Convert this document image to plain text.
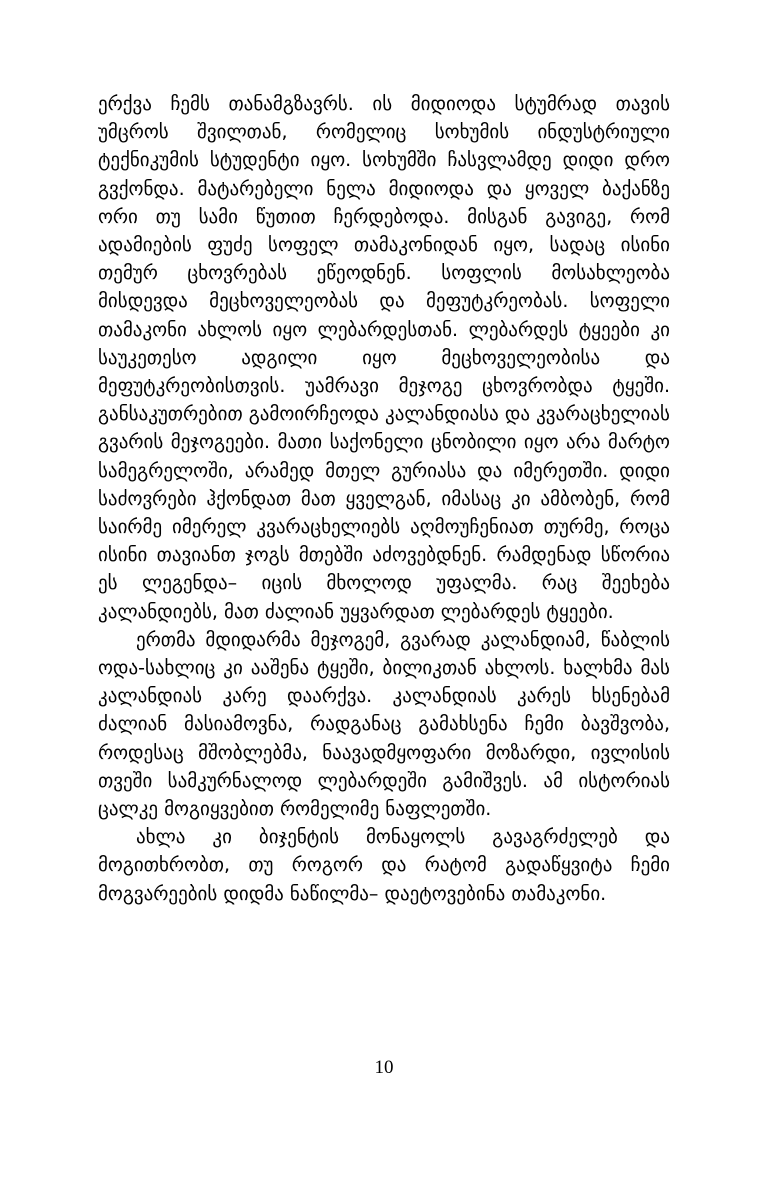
ერქვა ჩემს თანამგზავრს. ის მიდიოდა სტუმრად თავის უმცროს შვილთან, რომელიც სოხუმის ინდუსტრიული ტექნიკუმის სტუდენტი იყო. სოხუმში ჩასვლამდე დიდი დრო გვქონდა. მატარებელი ნელა მიდიოდა და ყოველ ბაქანზე ორი თუ სამი წუთით ჩერდებოდა. მისგან გავიგე, რომ ადამიების ფუძე სოფელ თამაკონიდან იყო, სადაც ისინი თემურ ცხოვრებას ეწეოდნენ. სოფლის მოსახლეობა მისდევდა მეცხოველეობას და მეფუტკრეობას. სოფელი თამაკონი ახლოს იყო ლებარდესთან. ლებარდეს ტყეები კი საუკეთესო ადგილი იყო მეცხოველეობისა და მეფუტკრეობისთვის. უამრავი მეჯოგე ცხოვრობდა ტყეში. განსაკუთრებით გამოირჩეოდა კალანდიასა და კვარაცხელიას გვარის მეჯოგეები. მათი საქონელი ცნობილი იყო არა მარტო სამეგრელოში, არამედ მთელ გურიასა და იმერეთში. დიდი საძოვრები ჰქონდათ მათ ყველგან, იმასაც კი ამბობენ, რომ საირმე იმერელ კვარაცხელიებს აღმოუჩენიათ თურმე, როცა ისინი თავიანთ ჯოგს მთებში აძოვებდნენ. რამდენად სწორია ეს ლეგენდა– იცის მხოლოდ უფალმა. რაც შეეხება კალანდიებს, მათ ძალიან უყვარდათ ლებარდეს ტყეები.

ერთმა მდიდარმა მეჯოგემ, გვარად კალანდიამ, წაბლის ოდა-სახლიც კი ააშენა ტყეში, ბილიკთან ახლოს. ხალხმა მას კალანდიას კარე დაარქვა. კალანდიას კარეს ხსენებამ ძალიან მასიამოვნა, რადგანაც გამახსენა ჩემი ბავშვობა, როდესაც მშობლებმა, ნაავადმყოფარი მოზარდი, ივლისის თვეში სამკურნალოდ ლებარდეში გამიშვეს. ამ ისტორიას ცალკე მოგიყვებით რომელიმე ნაფლეთში.

ახლა კი ბიჯენტის მონაყოლს გავაგრძელებ და მოგითხრობთ, თუ როგორ და რატომ გადაწყვიტა ჩემი მოგვარეების დიდმა ნაწილმა– დაეტოვებინა თამაკონი.

10
